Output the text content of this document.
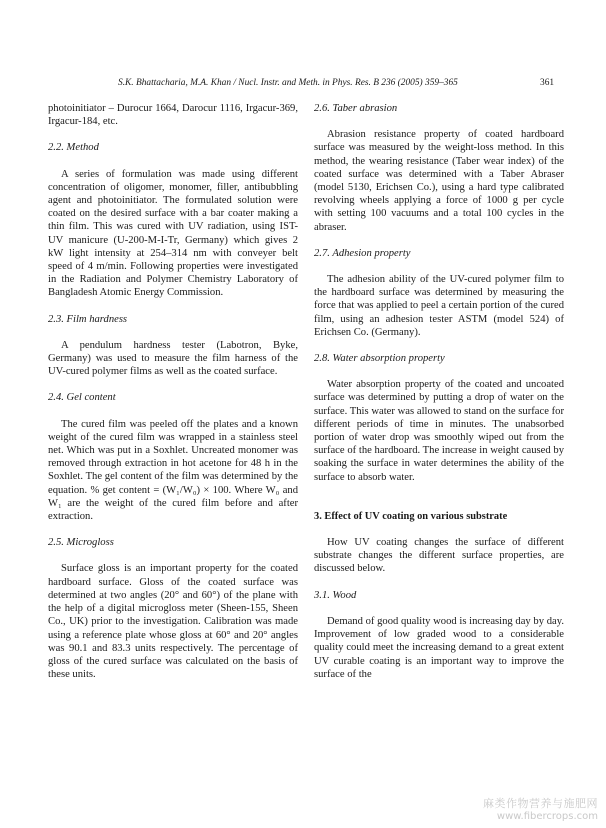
S.K. Bhattacharia, M.A. Khan / Nucl. Instr. and Meth. in Phys. Res. B 236 (2005) 359–365	361

photoinitiator – Durocur 1664, Darocur 1116, Irgacur-369, Irgacur-184, etc.

2.2. Method

A series of formulation was made using different concentration of oligomer, monomer, filler, antibubbling agent and photoinitiator. The formulated solution were coated on the desired surface with a bar coater making a thin film. This was cured with UV radiation, using IST-UV manicure (U-200-M-I-Tr, Germany) which gives 2 kW light intensity at 254–314 nm with conveyer belt speed of 4 m/min. Following properties were investigated in the Radiation and Polymer Chemistry Laboratory of Bangladesh Atomic Energy Commission.

2.3. Film hardness

A pendulum hardness tester (Labotron, Byke, Germany) was used to measure the film harness of the UV-cured polymer films as well as the coated surface.

2.4. Gel content

The cured film was peeled off the plates and a known weight of the cured film was wrapped in a stainless steel net. Which was put in a Soxhlet. Uncreated monomer was removed through extraction in hot acetone for 48 h in the Soxhlet. The gel content of the film was determined by the equation. % get content = (W₁/W₀) × 100. Where W₀ and W₁ are the weight of the cured film before and after extraction.

2.5. Microgloss

Surface gloss is an important property for the coated hardboard surface. Gloss of the coated surface was determined at two angles (20° and 60°) of the plane with the help of a digital microgloss meter (Sheen-155, Sheen Co., UK) prior to the investigation. Calibration was made using a reference plate whose gloss at 60° and 20° angles was 90.1 and 83.3 units respectively. The percentage of gloss of the cured surface was calculated on the basis of these units.

2.6. Taber abrasion

Abrasion resistance property of coated hardboard surface was measured by the weight-loss method. In this method, the wearing resistance (Taber wear index) of the coated surface was determined with a Taber Abraser (model 5130, Erichsen Co.), using a hard type calibrated revolving wheels applying a force of 1000 g per cycle with setting 100 vacuums and a total 100 cycles in the abraser.

2.7. Adhesion property

The adhesion ability of the UV-cured polymer film to the hardboard surface was determined by measuring the force that was applied to peel a certain portion of the cured film, using an adhesion tester ASTM (model 524) of Erichsen Co. (Germany).

2.8. Water absorption property

Water absorption property of the coated and uncoated surface was determined by putting a drop of water on the surface. This water was allowed to stand on the surface for different periods of time in minutes. The unabsorbed portion of water drop was smoothly wiped out from the surface of the hardboard. The increase in weight caused by soaking the surface in water determines the ability of the surface to absorb water.

3. Effect of UV coating on various substrate

How UV coating changes the surface of different substrate changes the different surface properties, are discussed below.

3.1. Wood

Demand of good quality wood is increasing day by day. Improvement of low graded wood to a considerable quality could meet the increasing demand to a great extent UV curable coating is an important way to improve the surface of the

麻类作物营养与施肥网
www.fibercrops.com
